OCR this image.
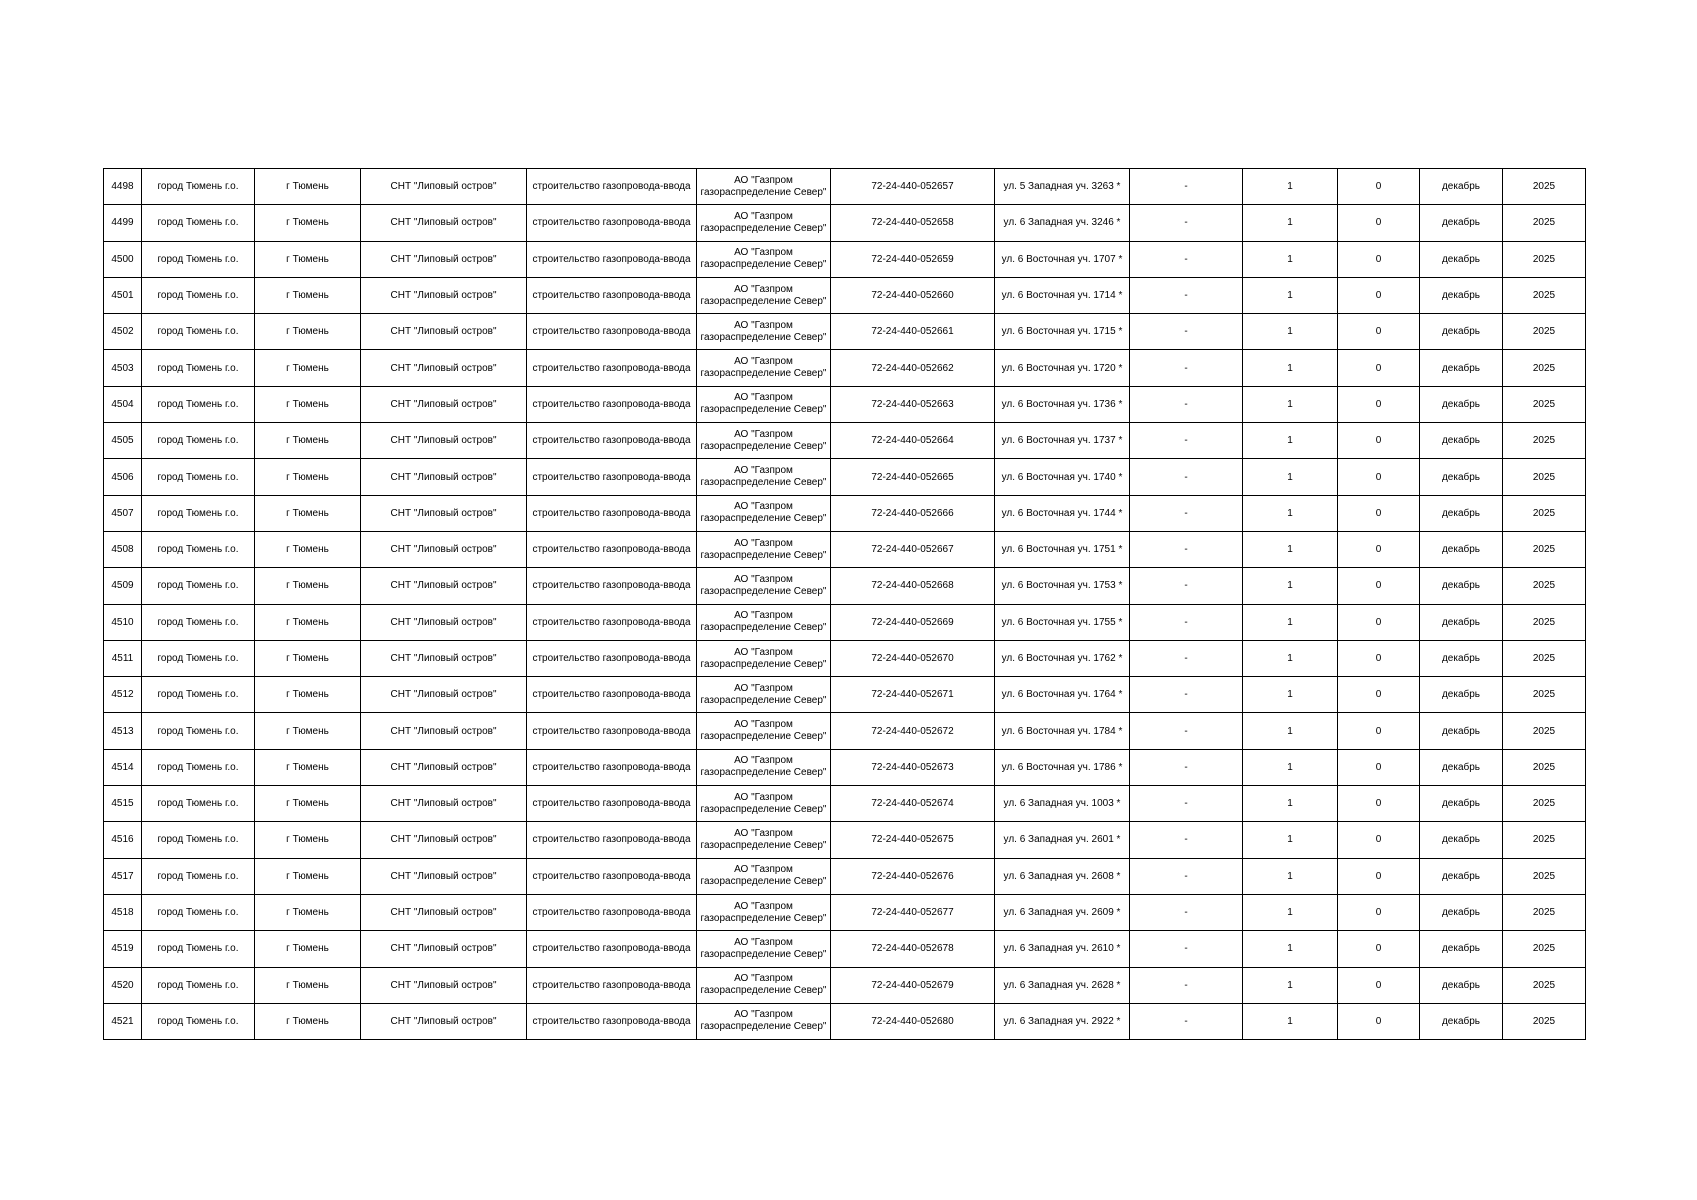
4498	город Тюмень г.о.	г Тюмень	СНТ "Липовый остров"	строительство газопровода-ввода	АО "Газпром
газораспределение Север"	72-24-440-052657	ул. 5 Западная уч. 3263 *	-	1	0	декабрь	2025
4499	город Тюмень г.о.	г Тюмень	СНТ "Липовый остров"	строительство газопровода-ввода	АО "Газпром
газораспределение Север"	72-24-440-052658	ул. 6 Западная уч. 3246 *	-	1	0	декабрь	2025
4500	город Тюмень г.о.	г Тюмень	СНТ "Липовый остров"	строительство газопровода-ввода	АО "Газпром
газораспределение Север"	72-24-440-052659	ул. 6 Восточная уч. 1707 *	-	1	0	декабрь	2025
4501	город Тюмень г.о.	г Тюмень	СНТ "Липовый остров"	строительство газопровода-ввода	АО "Газпром
газораспределение Север"	72-24-440-052660	ул. 6 Восточная уч. 1714 *	-	1	0	декабрь	2025
4502	город Тюмень г.о.	г Тюмень	СНТ "Липовый остров"	строительство газопровода-ввода	АО "Газпром
газораспределение Север"	72-24-440-052661	ул. 6 Восточная уч. 1715 *	-	1	0	декабрь	2025
4503	город Тюмень г.о.	г Тюмень	СНТ "Липовый остров"	строительство газопровода-ввода	АО "Газпром
газораспределение Север"	72-24-440-052662	ул. 6 Восточная уч. 1720 *	-	1	0	декабрь	2025
4504	город Тюмень г.о.	г Тюмень	СНТ "Липовый остров"	строительство газопровода-ввода	АО "Газпром
газораспределение Север"	72-24-440-052663	ул. 6 Восточная уч. 1736 *	-	1	0	декабрь	2025
4505	город Тюмень г.о.	г Тюмень	СНТ "Липовый остров"	строительство газопровода-ввода	АО "Газпром
газораспределение Север"	72-24-440-052664	ул. 6 Восточная уч. 1737 *	-	1	0	декабрь	2025
4506	город Тюмень г.о.	г Тюмень	СНТ "Липовый остров"	строительство газопровода-ввода	АО "Газпром
газораспределение Север"	72-24-440-052665	ул. 6 Восточная уч. 1740 *	-	1	0	декабрь	2025
4507	город Тюмень г.о.	г Тюмень	СНТ "Липовый остров"	строительство газопровода-ввода	АО "Газпром
газораспределение Север"	72-24-440-052666	ул. 6 Восточная уч. 1744 *	-	1	0	декабрь	2025
4508	город Тюмень г.о.	г Тюмень	СНТ "Липовый остров"	строительство газопровода-ввода	АО "Газпром
газораспределение Север"	72-24-440-052667	ул. 6 Восточная уч. 1751 *	-	1	0	декабрь	2025
4509	город Тюмень г.о.	г Тюмень	СНТ "Липовый остров"	строительство газопровода-ввода	АО "Газпром
газораспределение Север"	72-24-440-052668	ул. 6 Восточная уч. 1753 *	-	1	0	декабрь	2025
4510	город Тюмень г.о.	г Тюмень	СНТ "Липовый остров"	строительство газопровода-ввода	АО "Газпром
газораспределение Север"	72-24-440-052669	ул. 6 Восточная уч. 1755 *	-	1	0	декабрь	2025
4511	город Тюмень г.о.	г Тюмень	СНТ "Липовый остров"	строительство газопровода-ввода	АО "Газпром
газораспределение Север"	72-24-440-052670	ул. 6 Восточная уч. 1762 *	-	1	0	декабрь	2025
4512	город Тюмень г.о.	г Тюмень	СНТ "Липовый остров"	строительство газопровода-ввода	АО "Газпром
газораспределение Север"	72-24-440-052671	ул. 6 Восточная уч. 1764 *	-	1	0	декабрь	2025
4513	город Тюмень г.о.	г Тюмень	СНТ "Липовый остров"	строительство газопровода-ввода	АО "Газпром
газораспределение Север"	72-24-440-052672	ул. 6 Восточная уч. 1784 *	-	1	0	декабрь	2025
4514	город Тюмень г.о.	г Тюмень	СНТ "Липовый остров"	строительство газопровода-ввода	АО "Газпром
газораспределение Север"	72-24-440-052673	ул. 6 Восточная уч. 1786 *	-	1	0	декабрь	2025
4515	город Тюмень г.о.	г Тюмень	СНТ "Липовый остров"	строительство газопровода-ввода	АО "Газпром
газораспределение Север"	72-24-440-052674	ул. 6 Западная уч. 1003 *	-	1	0	декабрь	2025
4516	город Тюмень г.о.	г Тюмень	СНТ "Липовый остров"	строительство газопровода-ввода	АО "Газпром
газораспределение Север"	72-24-440-052675	ул. 6 Западная уч. 2601 *	-	1	0	декабрь	2025
4517	город Тюмень г.о.	г Тюмень	СНТ "Липовый остров"	строительство газопровода-ввода	АО "Газпром
газораспределение Север"	72-24-440-052676	ул. 6 Западная уч. 2608 *	-	1	0	декабрь	2025
4518	город Тюмень г.о.	г Тюмень	СНТ "Липовый остров"	строительство газопровода-ввода	АО "Газпром
газораспределение Север"	72-24-440-052677	ул. 6 Западная уч. 2609 *	-	1	0	декабрь	2025
4519	город Тюмень г.о.	г Тюмень	СНТ "Липовый остров"	строительство газопровода-ввода	АО "Газпром
газораспределение Север"	72-24-440-052678	ул. 6 Западная уч. 2610 *	-	1	0	декабрь	2025
4520	город Тюмень г.о.	г Тюмень	СНТ "Липовый остров"	строительство газопровода-ввода	АО "Газпром
газораспределение Север"	72-24-440-052679	ул. 6 Западная уч. 2628 *	-	1	0	декабрь	2025
4521	город Тюмень г.о.	г Тюмень	СНТ "Липовый остров"	строительство газопровода-ввода	АО "Газпром
газораспределение Север"	72-24-440-052680	ул. 6 Западная уч. 2922 *	-	1	0	декабрь	2025
